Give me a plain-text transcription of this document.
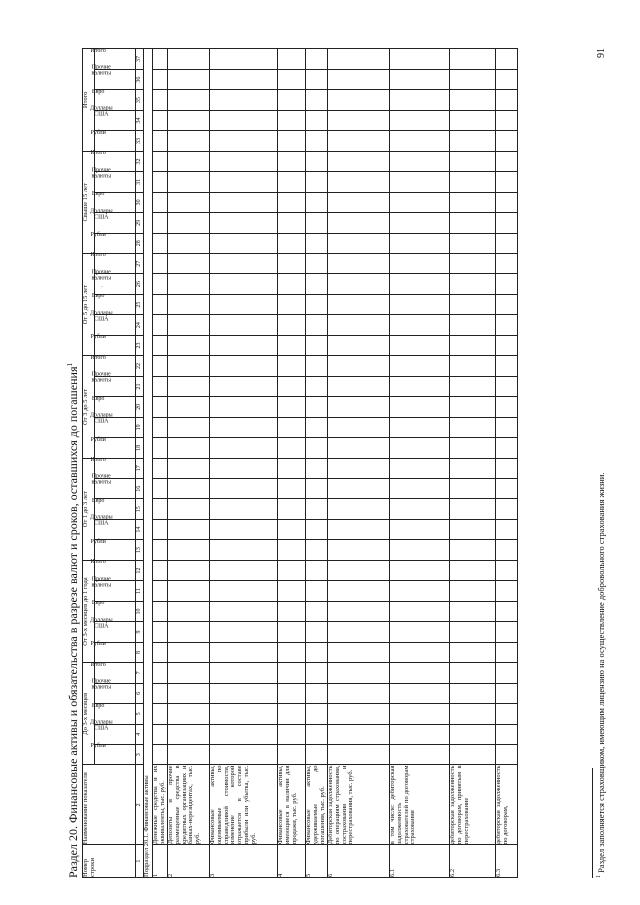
Раздел 20. Финансовые активы и обязательства в разрезе валют и сроков, оставшихся до погашения$^1$
Номер строки	Наименование показателя	До 3-х месяцев					От 3-х месяцев до 1 года					От 1 до 3 лет					От 3 до 5 лет					От 5 до 15 лет					Свыше 15 лет					Итого				
		Рубли	Доллары США	Евро	Прочие валюты	Итого	Рубли	Доллары США	Евро	Прочие валюты	Итого	Рубли	Доллары США	Евро	Прочие валюты	Итого	Рубли	Доллары США	Евро	Прочие валюты	Итого	Рубли	Доллары США	Евро	Прочие валюты	Итого	Рубли	Доллары США	Евро	Прочие валюты	Итого	Рубли	Доллары США	Евро	Прочие валюты	Итого
1	2	3	4	5	6	7	8	9	10	11	12	13	14	15	16	17	18	19	20	21	22	23	24	25	26	27	28	29	30	31	32	33	34	35	36	37
Подраздел 20.1. Финансовые активы																																				
1	Денежные средства и их эквиваленты, тыс. руб.																																			
2	Депозиты и прочие размещенные средства в кредитных организациях и банках-нерезидентах, тыс. руб.																																			
3	Финансовые активы, оцениваемые по справедливой стоимости, изменение которой отражается в составе прибыли или убытка, тыс. руб.																																			
4	Финансовые активы, имеющиеся в наличии для продажи, тыс. руб.																																			
5	Финансовые активы, удерживаемые до погашения, тыс. руб.																																			
6	Дебиторская задолженность по операциям страхования, сострахования и перестрахования, тыс. руб.																																			
6.1	в том числе: дебиторская задолженность страхователей по договорам страхования																																			
6.2	дебиторская задолженность по договорам, принятым в перестрахование																																			
6.3	дебиторская задолженность по договорам,																																			
$^1$ Раздел заполняется страховщиком, имеющим лицензию на осуществление добровольного страхования жизни.
91
·
